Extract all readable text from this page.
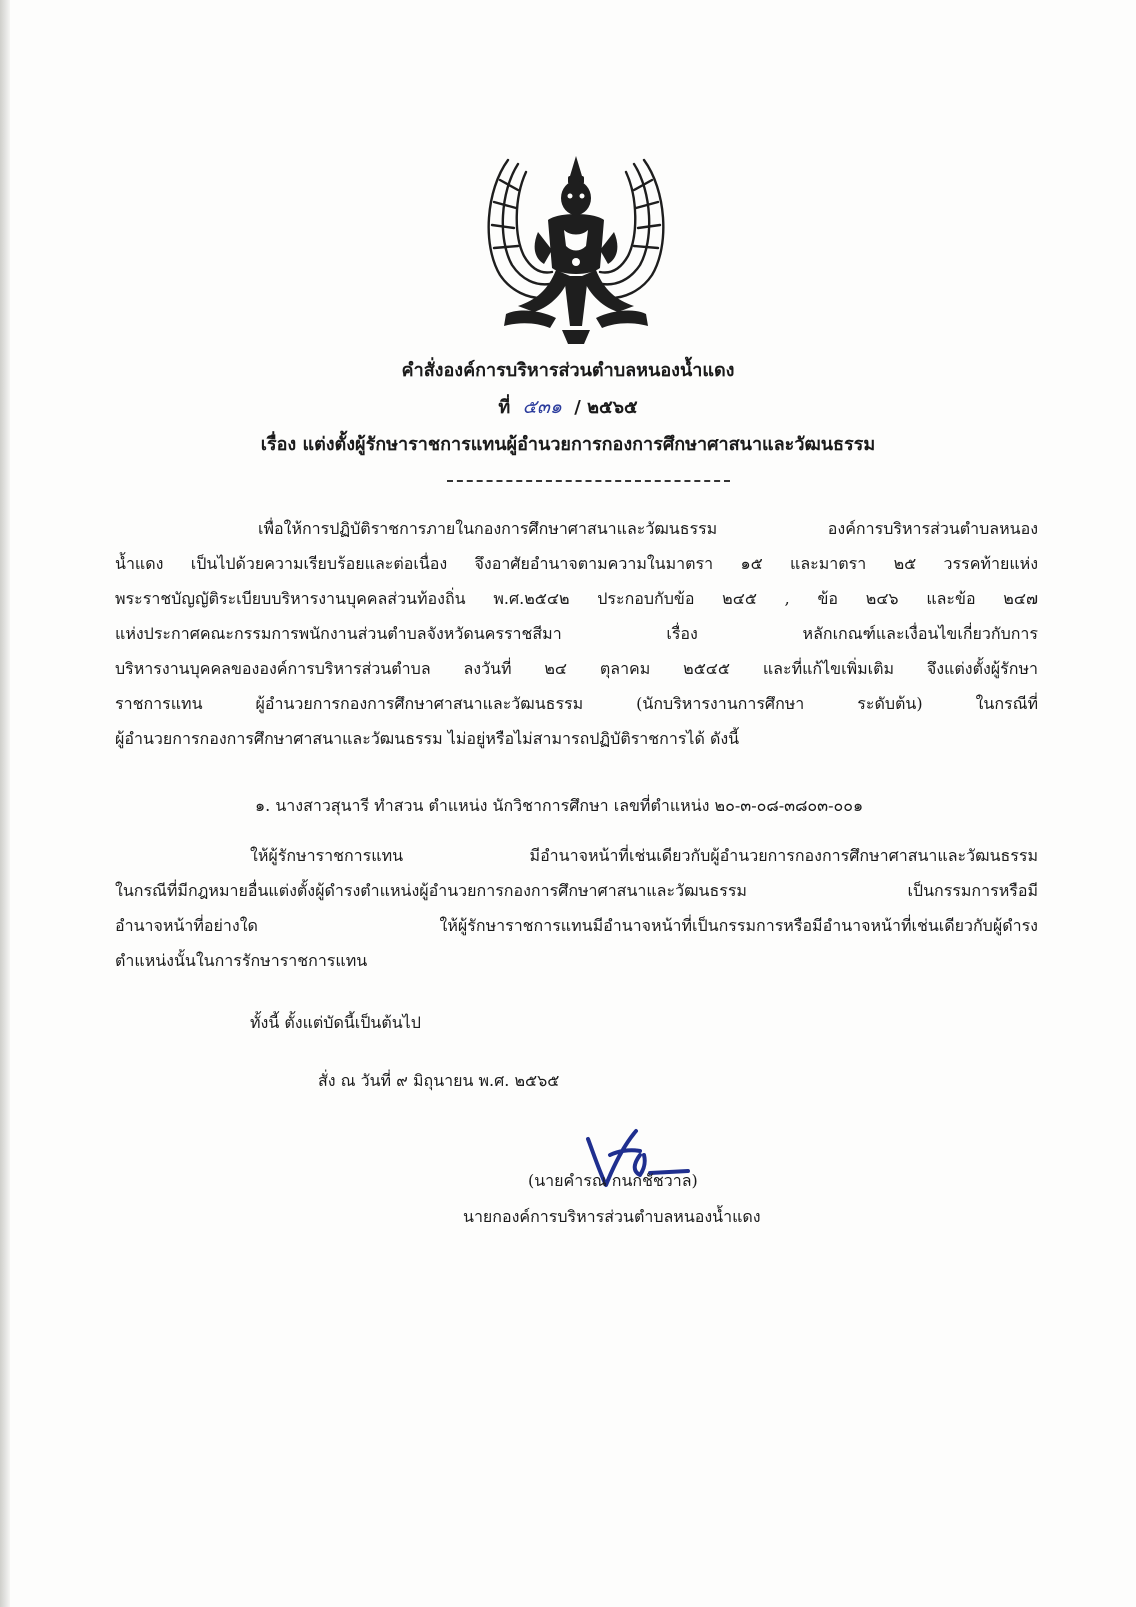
คำสั่งองค์การบริหารส่วนตำบลหนองน้ำแดง
ที่ ๕๓๑ / ๒๕๖๕
เรื่อง แต่งตั้งผู้รักษาราชการแทนผู้อำนวยการกองการศึกษาศาสนาและวัฒนธรรม
เพื่อให้การปฏิบัติราชการภายในกองการศึกษาศาสนาและวัฒนธรรม องค์การบริหารส่วนตำบลหนอง
น้ำแดง เป็นไปด้วยความเรียบร้อยและต่อเนื่อง จึงอาศัยอำนาจตามความในมาตรา ๑๕ และมาตรา ๒๕ วรรคท้ายแห่ง
พระราชบัญญัติระเบียบบริหารงานบุคคลส่วนท้องถิ่น พ.ศ.๒๕๔๒ ประกอบกับข้อ ๒๔๕ , ข้อ ๒๔๖ และข้อ ๒๔๗
แห่งประกาศคณะกรรมการพนักงานส่วนตำบลจังหวัดนครราชสีมา เรื่อง หลักเกณฑ์และเงื่อนไขเกี่ยวกับการ
บริหารงานบุคคลขององค์การบริหารส่วนตำบล ลงวันที่ ๒๔ ตุลาคม ๒๕๔๕ และที่แก้ไขเพิ่มเติม จึงแต่งตั้งผู้รักษา
ราชการแทน ผู้อำนวยการกองการศึกษาศาสนาและวัฒนธรรม (นักบริหารงานการศึกษา ระดับต้น) ในกรณีที่
ผู้อำนวยการกองการศึกษาศาสนาและวัฒนธรรม ไม่อยู่หรือไม่สามารถปฏิบัติราชการได้ ดังนี้
๑. นางสาวสุนารี ทำสวน ตำแหน่ง นักวิชาการศึกษา เลขที่ตำแหน่ง ๒๐-๓-๐๘-๓๘๐๓-๐๐๑
ให้ผู้รักษาราชการแทน มีอำนาจหน้าที่เช่นเดียวกับผู้อำนวยการกองการศึกษาศาสนาและวัฒนธรรม
ในกรณีที่มีกฎหมายอื่นแต่งตั้งผู้ดำรงตำแหน่งผู้อำนวยการกองการศึกษาศาสนาและวัฒนธรรม เป็นกรรมการหรือมี
อำนาจหน้าที่อย่างใด ให้ผู้รักษาราชการแทนมีอำนาจหน้าที่เป็นกรรมการหรือมีอำนาจหน้าที่เช่นเดียวกับผู้ดำรง
ตำแหน่งนั้นในการรักษาราชการแทน
ทั้งนี้ ตั้งแต่บัดนี้เป็นต้นไป
สั่ง ณ วันที่ ๙ มิถุนายน พ.ศ. ๒๕๖๕
(นายคำรณ กนกชัชวาล)
นายกองค์การบริหารส่วนตำบลหนองน้ำแดง
